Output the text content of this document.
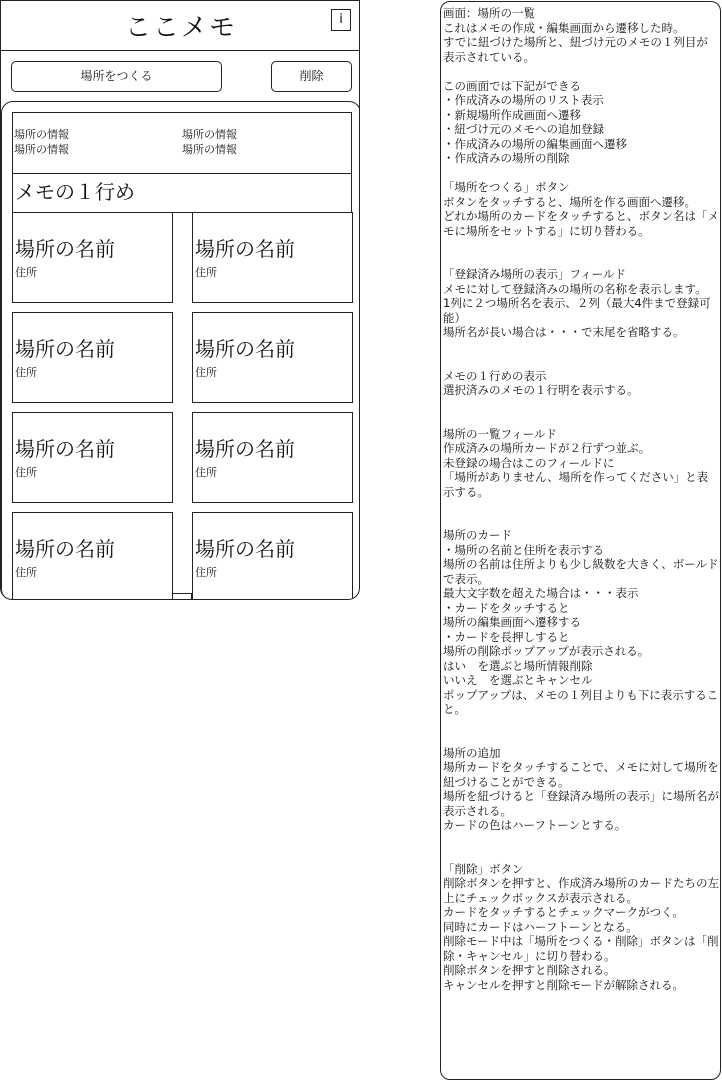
ここメモ	i
場所をつくる	削除
場所の情報	場所の情報
場所の情報	場所の情報
メモの１行め
場所の名前
住所
場所の名前
住所
場所の名前
住所
場所の名前
住所
場所の名前
住所
場所の名前
住所
場所の名前
住所
場所の名前
住所
画面：場所の一覧
これはメモの作成・編集画面から遷移した時。
すでに紐づけた場所と、紐づけ元のメモの１列目が表示されている。

この画面では下記ができる
・作成済みの場所のリスト表示
・新規場所作成画面へ遷移
・紐づけ元のメモへの追加登録
・作成済みの場所の編集画面へ遷移
・作成済みの場所の削除

「場所をつくる」ボタン
ボタンをタッチすると、場所を作る画面へ遷移。
どれか場所のカードをタッチすると、ボタン名は「メモに場所をセットする」に切り替わる。

「登録済み場所の表示」フィールド
メモに対して登録済みの場所の名称を表示します。
1列に２つ場所名を表示、２列（最大4件まで登録可能）
場所名が長い場合は・・・で末尾を省略する。

メモの１行めの表示
選択済みのメモの１行明を表示する。

場所の一覧フィールド
作成済みの場所カードが２行ずつ並ぶ。
未登録の場合はこのフィールドに
「場所がありません、場所を作ってください」と表示する。

場所のカード
・場所の名前と住所を表示する
場所の名前は住所よりも少し級数を大きく、ボールドで表示。
最大文字数を超えた場合は・・・表示
・カードをタッチすると
場所の編集画面へ遷移する
・カードを長押しすると
場所の削除ポップアップが表示される。
はい　を選ぶと場所情報削除
いいえ　を選ぶとキャンセル
ポップアップは、メモの１列目よりも下に表示すること。

場所の追加
場所カードをタッチすることで、メモに対して場所を紐づけることができる。
場所を紐づけると「登録済み場所の表示」に場所名が表示される。
カードの色はハーフトーンとする。

「削除」ボタン
削除ボタンを押すと、作成済み場所のカードたちの左上にチェックボックスが表示される。
カードをタッチするとチェックマークがつく。
同時にカードはハーフトーンとなる。
削除モード中は「場所をつくる・削除」ボタンは「削除・キャンセル」に切り替わる。
削除ボタンを押すと削除される。
キャンセルを押すと削除モードが解除される。
